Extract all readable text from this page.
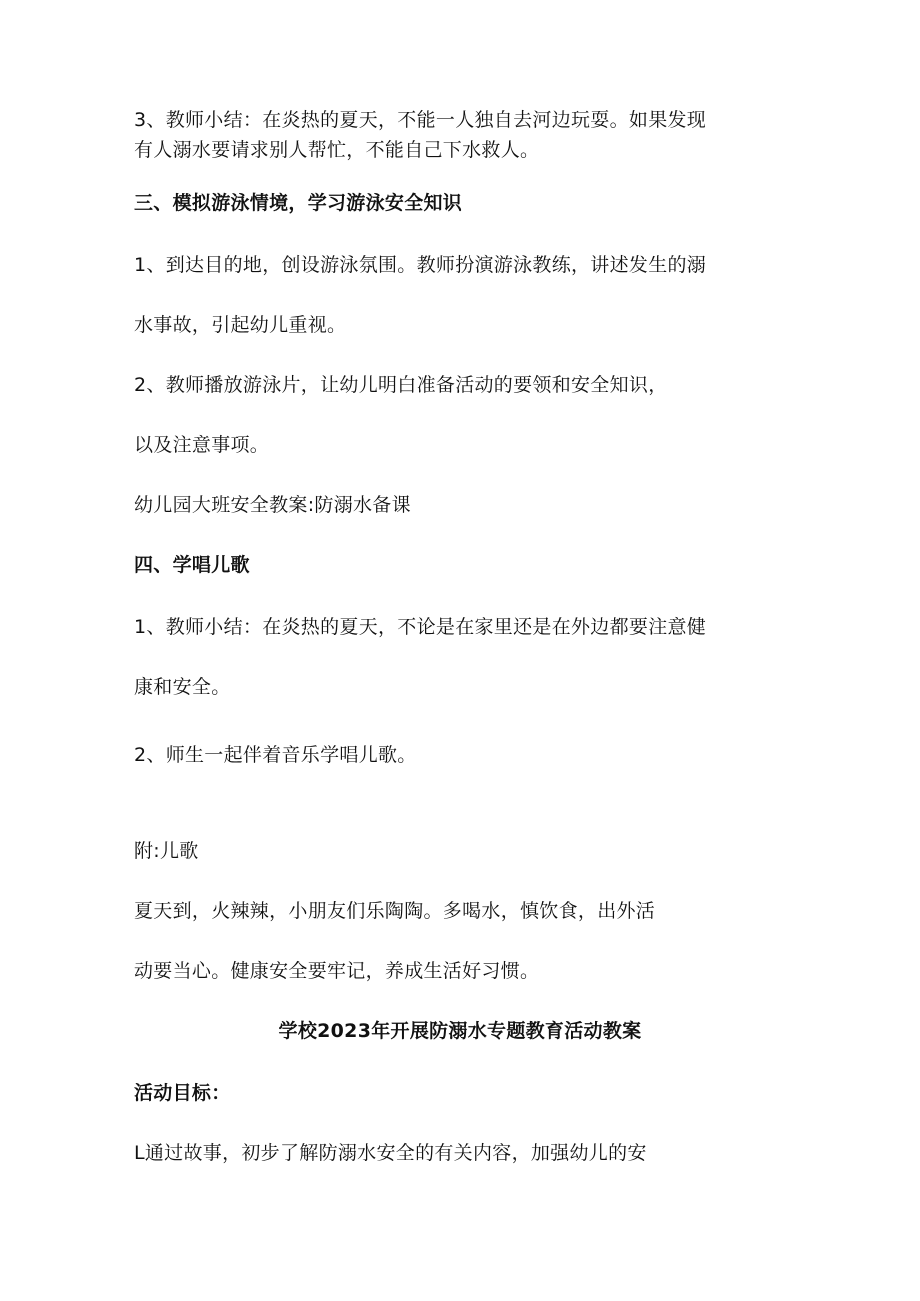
3、教师小结：在炎热的夏天，不能一人独自去河边玩耍。如果发现
有人溺水要请求别人帮忙，不能自己下水救人。
三、模拟游泳情境，学习游泳安全知识
1、到达目的地，创设游泳氛围。教师扮演游泳教练，讲述发生的溺
水事故，引起幼儿重视。
2、教师播放游泳片，让幼儿明白准备活动的要领和安全知识，
以及注意事项。
幼儿园大班安全教案:防溺水备课
四、学唱儿歌
1、教师小结：在炎热的夏天，不论是在家里还是在外边都要注意健
康和安全。
2、师生一起伴着音乐学唱儿歌。
附:儿歌
夏天到，火辣辣，小朋友们乐陶陶。多喝水，慎饮食，出外活
动要当心。健康安全要牢记，养成生活好习惯。
学校2023年开展防溺水专题教育活动教案
活动目标：
L通过故事，初步了解防溺水安全的有关内容，加强幼儿的安
